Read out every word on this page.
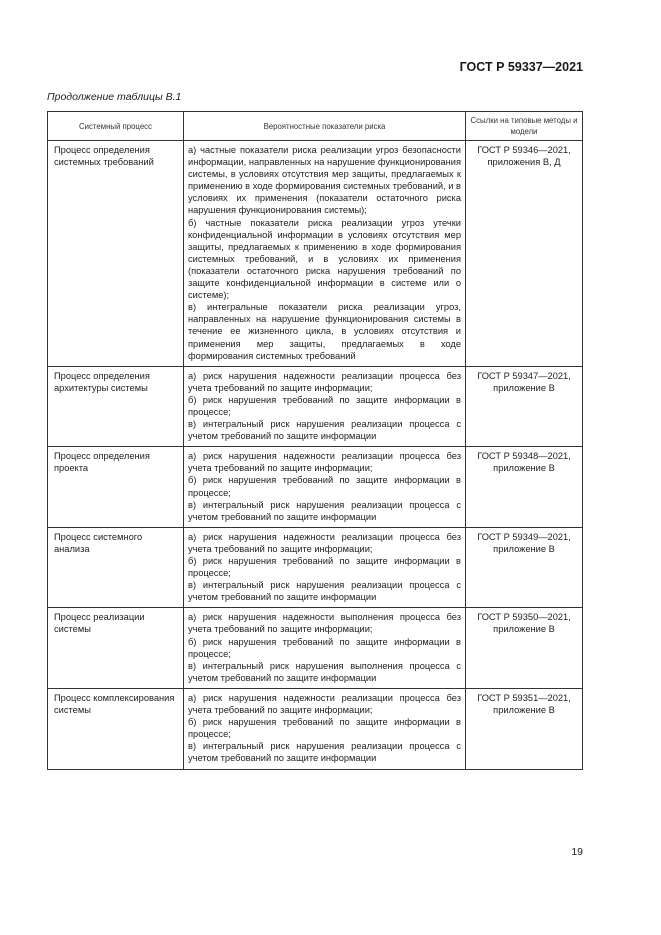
ГОСТ Р 59337—2021
Продолжение таблицы В.1
Системный процесс	Вероятностные показатели риска	Ссылки на типовые методы и модели
Процесс определения системных требований	а) частные показатели риска реализации угроз безопасности информации, направленных на нарушение функционирования системы, в условиях отсутствия мер защиты, предлагаемых к применению в ходе формирования системных требований, и в условиях их применения (показатели остаточного риска нарушения функционирования системы);
б) частные показатели риска реализации угроз утечки конфиденциальной информации в условиях отсутствия мер защиты, предлагаемых к применению в ходе формирования системных требований, и в условиях их применения (показатели остаточного риска нарушения требований по защите конфиденциальной информации в системе или о системе);
в) интегральные показатели риска реализации угроз, направленных на нарушение функционирования системы в течение ее жизненного цикла, в условиях отсутствия и применения мер защиты, предлагаемых в ходе формирования системных требований	ГОСТ Р 59346—2021, приложения В, Д
Процесс определения архитектуры системы	а) риск нарушения надежности реализации процесса без учета требований по защите информации;
б) риск нарушения требований по защите информации в процессе;
в) интегральный риск нарушения реализации процесса с учетом требований по защите информации	ГОСТ Р 59347—2021, приложение В
Процесс определения проекта	а) риск нарушения надежности реализации процесса без учета требований по защите информации;
б) риск нарушения требований по защите информации в процессе;
в) интегральный риск нарушения реализации процесса с учетом требований по защите информации	ГОСТ Р 59348—2021, приложение В
Процесс системного анализа	а) риск нарушения надежности реализации процесса без учета требований по защите информации;
б) риск нарушения требований по защите информации в процессе;
в) интегральный риск нарушения реализации процесса с учетом требований по защите информации	ГОСТ Р 59349—2021, приложение В
Процесс реализации системы	а) риск нарушения надежности выполнения процесса без учета требований по защите информации;
б) риск нарушения требований по защите информации в процессе;
в) интегральный риск нарушения выполнения процесса с учетом требований по защите информации	ГОСТ Р 59350—2021, приложение В
Процесс комплексирования системы	а) риск нарушения надежности реализации процесса без учета требований по защите информации;
б) риск нарушения требований по защите информации в процессе;
в) интегральный риск нарушения реализации процесса с учетом требований по защите информации	ГОСТ Р 59351—2021, приложение В
19
